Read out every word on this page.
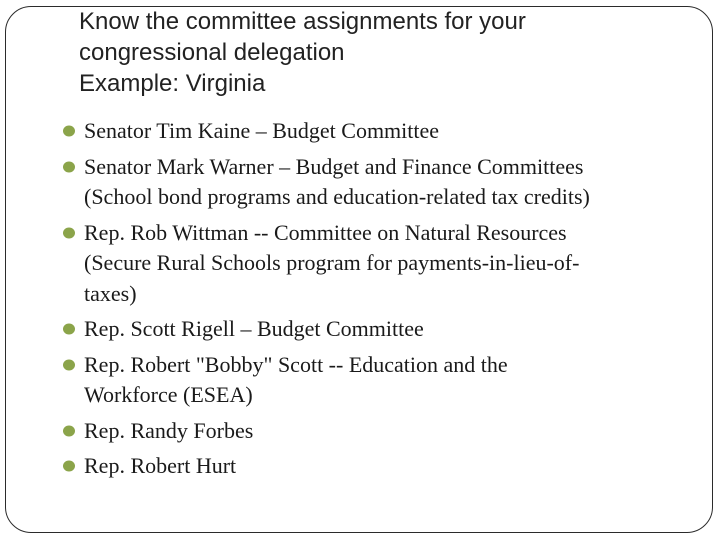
Know the committee assignments for your
congressional delegation
Example: Virginia
Senator Tim Kaine – Budget Committee
Senator Mark Warner – Budget and Finance Committees
(School bond programs and education-related tax credits)
Rep. Rob Wittman -- Committee on Natural Resources
(Secure Rural Schools program for payments-in-lieu-of-
taxes)
Rep. Scott Rigell – Budget Committee
Rep. Robert "Bobby" Scott -- Education and the
Workforce (ESEA)
Rep. Randy Forbes
Rep. Robert Hurt
